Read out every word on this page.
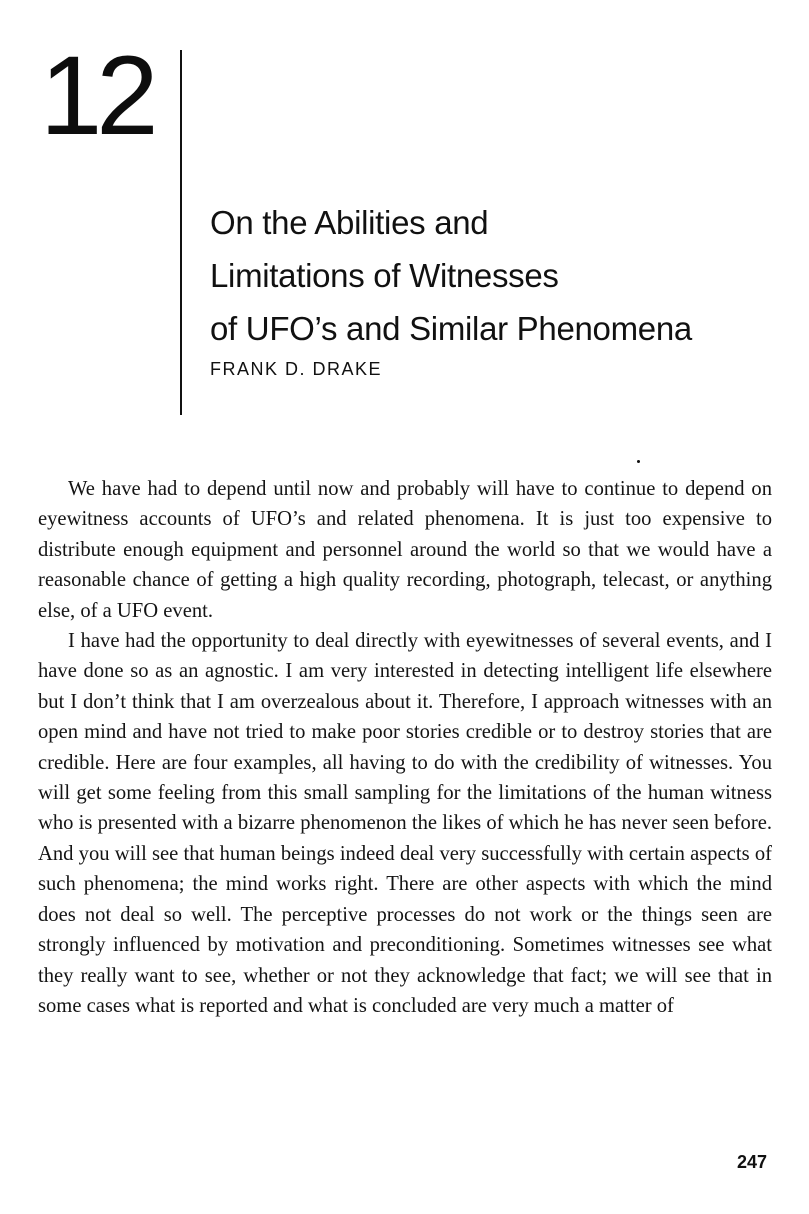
12
On the Abilities and
Limitations of Witnesses
of UFO’s and Similar Phenomena
FRANK D. DRAKE

We have had to depend until now and probably will have to continue to depend on eyewitness accounts of UFO’s and related phenomena. It is just too expensive to distribute enough equipment and personnel around the world so that we would have a reasonable chance of getting a high quality recording, photograph, telecast, or anything else, of a UFO event.

I have had the opportunity to deal directly with eyewitnesses of several events, and I have done so as an agnostic. I am very interested in detecting intelligent life elsewhere but I don’t think that I am overzealous about it. Therefore, I approach witnesses with an open mind and have not tried to make poor stories credible or to destroy stories that are credible. Here are four examples, all having to do with the credibility of witnesses. You will get some feeling from this small sampling for the limitations of the human witness who is presented with a bizarre phenomenon the likes of which he has never seen before. And you will see that human beings indeed deal very successfully with certain aspects of such phenomena; the mind works right. There are other aspects with which the mind does not deal so well. The perceptive processes do not work or the things seen are strongly influenced by motivation and preconditioning. Sometimes witnesses see what they really want to see, whether or not they acknowledge that fact; we will see that in some cases what is reported and what is concluded are very much a matter of

247
